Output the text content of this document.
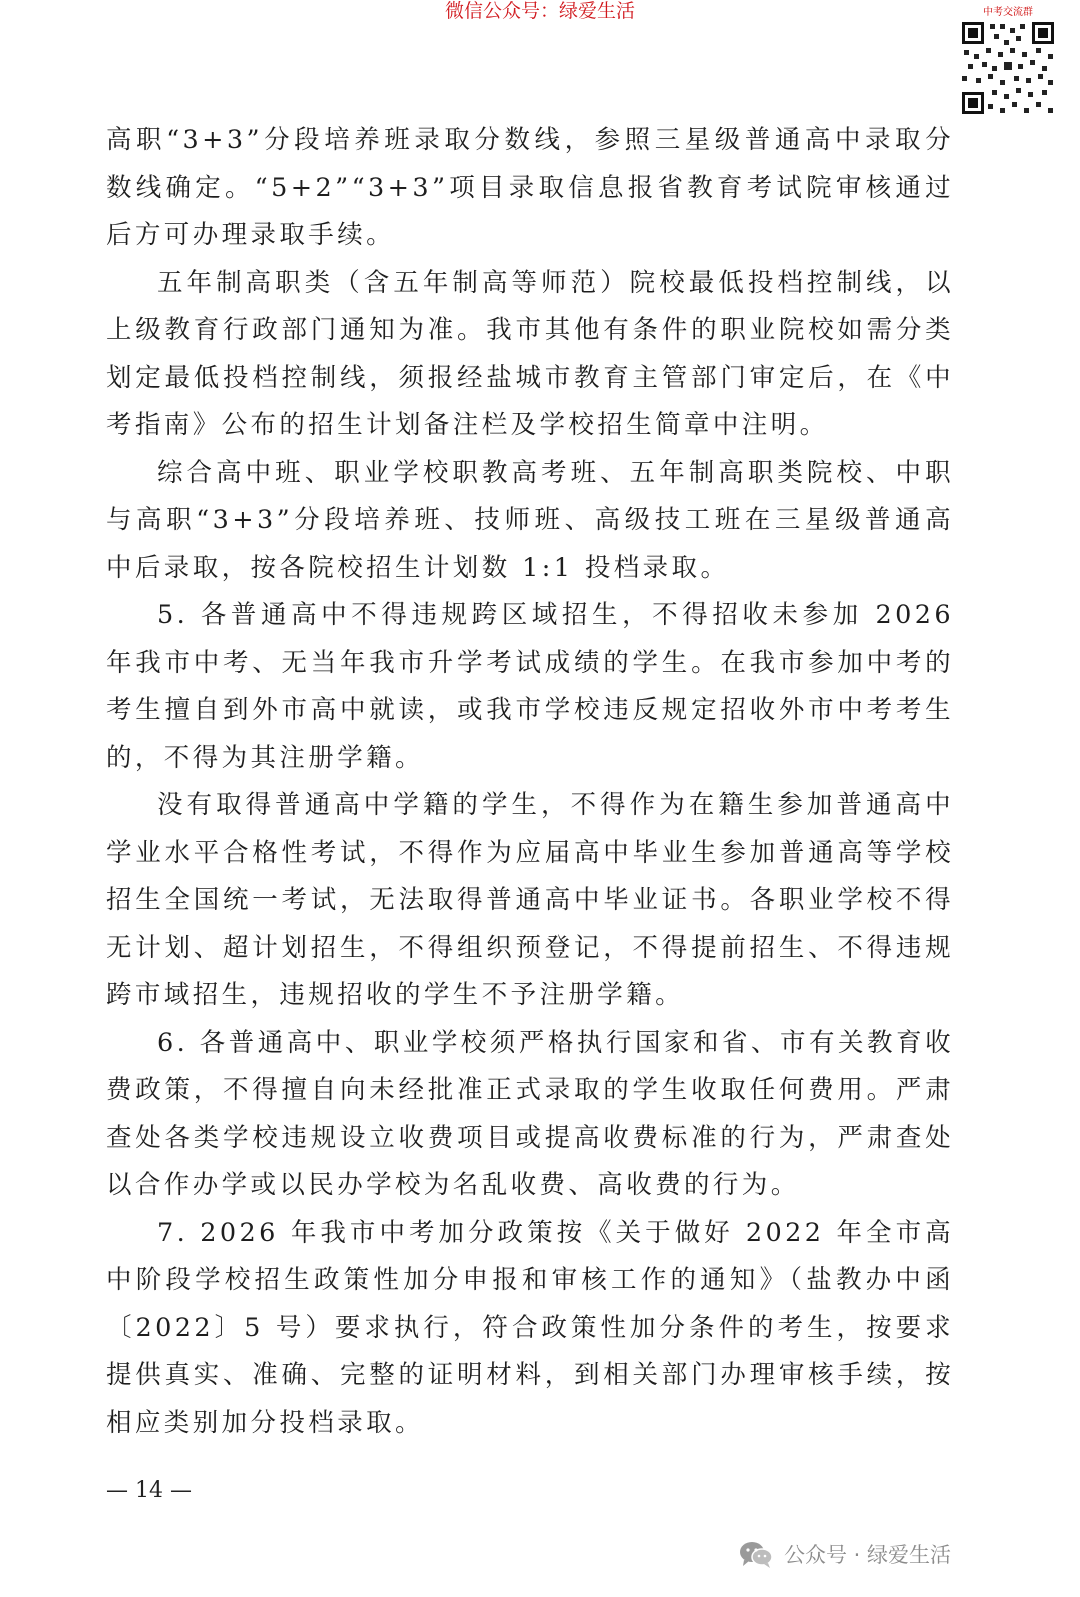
微信公众号：绿爱生活	中考交流群

高职“3+3”分段培养班录取分数线，参照三星级普通高中录取分数线确定。“5+2”“3+3”项目录取信息报省教育考试院审核通过后方可办理录取手续。

五年制高职类（含五年制高等师范）院校最低投档控制线，以上级教育行政部门通知为准。我市其他有条件的职业院校如需分类划定最低投档控制线，须报经盐城市教育主管部门审定后，在《中考指南》公布的招生计划备注栏及学校招生简章中注明。

综合高中班、职业学校职教高考班、五年制高职类院校、中职与高职“3+3”分段培养班、技师班、高级技工班在三星级普通高中后录取，按各院校招生计划数 1:1 投档录取。

5. 各普通高中不得违规跨区域招生，不得招收未参加 2026 年我市中考、无当年我市升学考试成绩的学生。在我市参加中考的考生擅自到外市高中就读，或我市学校违反规定招收外市中考考生的，不得为其注册学籍。

没有取得普通高中学籍的学生，不得作为在籍生参加普通高中学业水平合格性考试，不得作为应届高中毕业生参加普通高等学校招生全国统一考试，无法取得普通高中毕业证书。各职业学校不得无计划、超计划招生，不得组织预登记，不得提前招生、不得违规跨市域招生，违规招收的学生不予注册学籍。

6. 各普通高中、职业学校须严格执行国家和省、市有关教育收费政策，不得擅自向未经批准正式录取的学生收取任何费用。严肃查处各类学校违规设立收费项目或提高收费标准的行为，严肃查处以合作办学或以民办学校为名乱收费、高收费的行为。

7. 2026 年我市中考加分政策按《关于做好 2022 年全市高中阶段学校招生政策性加分申报和审核工作的通知》（盐教办中函〔2022〕5 号）要求执行，符合政策性加分条件的考生，按要求提供真实、准确、完整的证明材料，到相关部门办理审核手续，按相应类别加分投档录取。

— 14 —
公众号 · 绿爱生活
